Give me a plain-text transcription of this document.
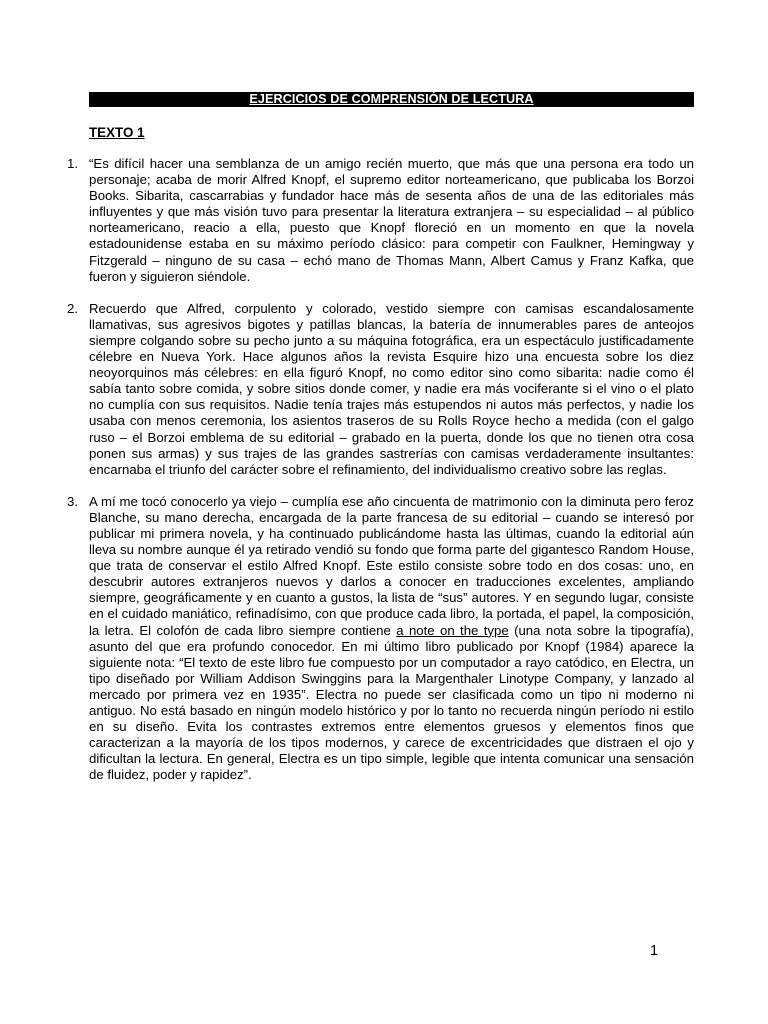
EJERCICIOS DE COMPRENSIÓN DE LECTURA
TEXTO 1
1. “Es difícil hacer una semblanza de un amigo recién muerto, que más que una persona era todo un personaje; acaba de morir Alfred Knopf, el supremo editor norteamericano, que publicaba los Borzoi Books. Sibarita, cascarrabias y fundador hace más de sesenta años de una de las editoriales más influyentes y que más visión tuvo para presentar la literatura extranjera – su especialidad – al público norteamericano, reacio a ella, puesto que Knopf floreció en un momento en que la novela estadounidense estaba en su máximo período clásico: para competir con Faulkner, Hemingway y Fitzgerald – ninguno de su casa – echó mano de Thomas Mann, Albert Camus y Franz Kafka, que fueron y siguieron siéndole.
2. Recuerdo que Alfred, corpulento y colorado, vestido siempre con camisas escandalosamente llamativas, sus agresivos bigotes y patillas blancas, la batería de innumerables pares de anteojos siempre colgando sobre su pecho junto a su máquina fotográfica, era un espectáculo justificadamente célebre en Nueva York. Hace algunos años la revista Esquire hizo una encuesta sobre los diez neoyorquinos más célebres: en ella figuró Knopf, no como editor sino como sibarita: nadie como él sabía tanto sobre comida, y sobre sitios donde comer, y nadie era más vociferante si el vino o el plato no cumplía con sus requisitos. Nadie tenía trajes más estupendos ni autos más perfectos, y nadie los usaba con menos ceremonia, los asientos traseros de su Rolls Royce hecho a medida (con el galgo ruso – el Borzoi emblema de su editorial – grabado en la puerta, donde los que no tienen otra cosa ponen sus armas) y sus trajes de las grandes sastrerías con camisas verdaderamente insultantes: encarnaba el triunfo del carácter sobre el refinamiento, del individualismo creativo sobre las reglas.
3. A mí me tocó conocerlo ya viejo – cumplía ese año cincuenta de matrimonio con la diminuta pero feroz Blanche, su mano derecha, encargada de la parte francesa de su editorial – cuando se interesó por publicar mi primera novela, y ha continuado publicándome hasta las últimas, cuando la editorial aún lleva su nombre aunque él ya retirado vendió su fondo que forma parte del gigantesco Random House, que trata de conservar el estilo Alfred Knopf. Este estilo consiste sobre todo en dos cosas: uno, en descubrir autores extranjeros nuevos y darlos a conocer en traducciones excelentes, ampliando siempre, geográficamente y en cuanto a gustos, la lista de “sus” autores. Y en segundo lugar, consiste en el cuidado maniático, refinadísimo, con que produce cada libro, la portada, el papel, la composición, la letra. El colofón de cada libro siempre contiene a note on the type (una nota sobre la tipografía), asunto del que era profundo conocedor. En mi último libro publicado por Knopf (1984) aparece la siguiente nota: “El texto de este libro fue compuesto por un computador a rayo catódico, en Electra, un tipo diseñado por William Addison Swinggins para la Margenthaler Linotype Company, y lanzado al mercado por primera vez en 1935”. Electra no puede ser clasificada como un tipo ni moderno ni antiguo. No está basado en ningún modelo histórico y por lo tanto no recuerda ningún período ni estilo en su diseño. Evita los contrastes extremos entre elementos gruesos y elementos finos que caracterizan a la mayoría de los tipos modernos, y carece de excentricidades que distraen el ojo y dificultan la lectura. En general, Electra es un tipo simple, legible que intenta comunicar una sensación de fluidez, poder y rapidez”.
1
